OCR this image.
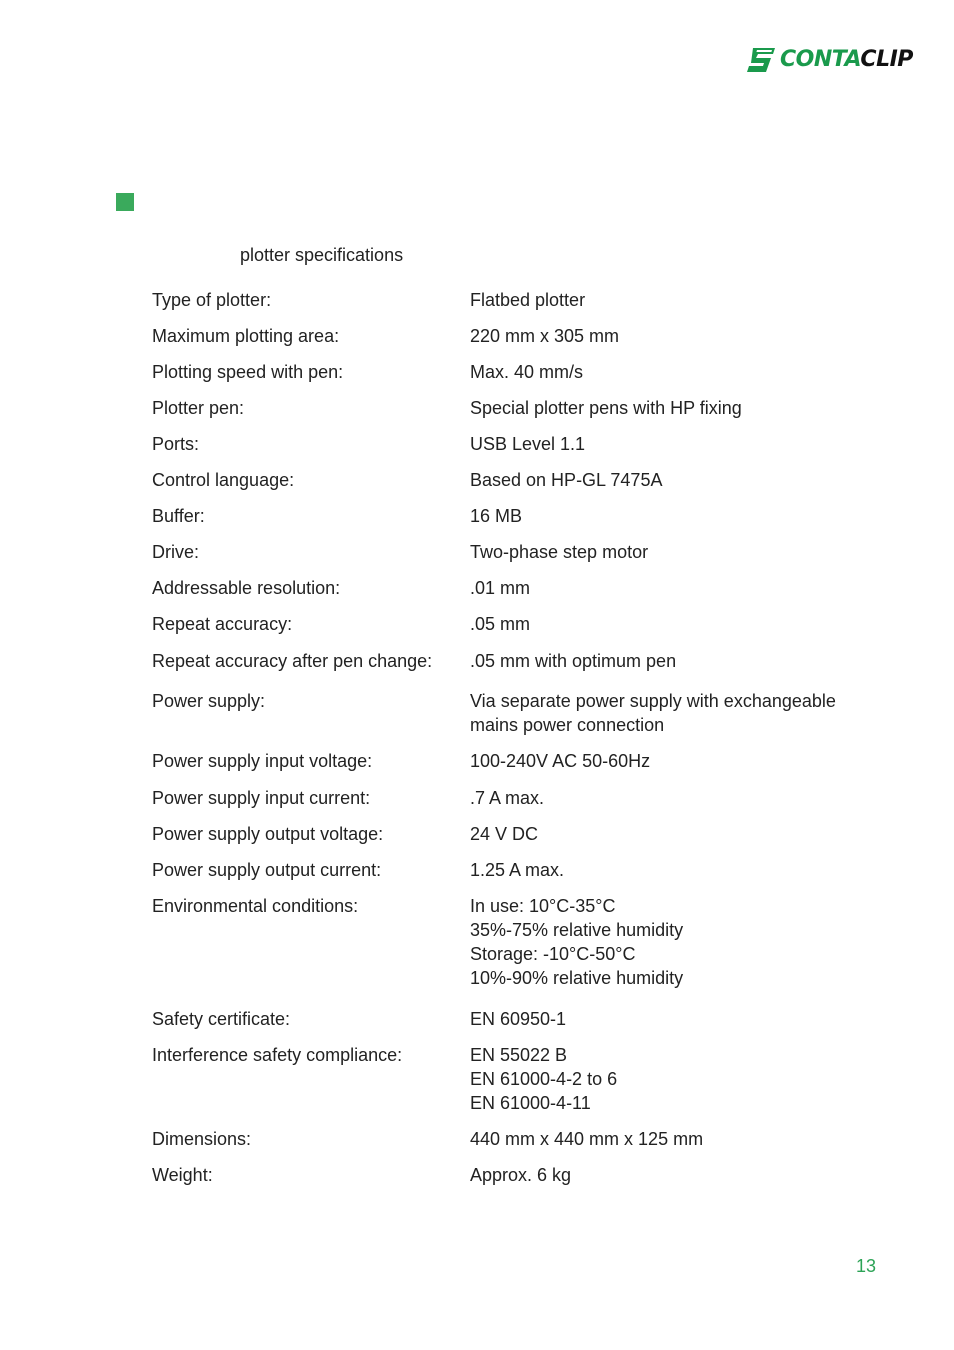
CONTACLIP
plotter specifications
Type of plotter:	Flatbed plotter
Maximum plotting area:	220 mm x 305 mm
Plotting speed with pen:	Max. 40 mm/s
Plotter pen:	Special plotter pens with HP fixing
Ports:	USB Level 1.1
Control language:	Based on HP-GL 7475A
Buffer:	16 MB
Drive:	Two-phase step motor
Addressable resolution:	.01 mm
Repeat accuracy:	.05 mm
Repeat accuracy after pen change: .05 mm with optimum pen
Power supply:	Via separate power supply with exchangeable
mains power connection
Power supply input voltage:	100-240V AC 50-60Hz
Power supply input current:	.7 A max.
Power supply output voltage:	24 V DC
Power supply output current:	1.25 A max.
Environmental conditions:	In use: 10°C-35°C
35%-75% relative humidity
Storage: -10°C-50°C
10%-90% relative humidity
Safety certificate:	EN 60950-1
Interference safety compliance:	EN 55022 B
EN 61000-4-2 to 6
EN 61000-4-11
Dimensions:	440 mm x 440 mm x 125 mm
Weight:	Approx. 6 kg
13
